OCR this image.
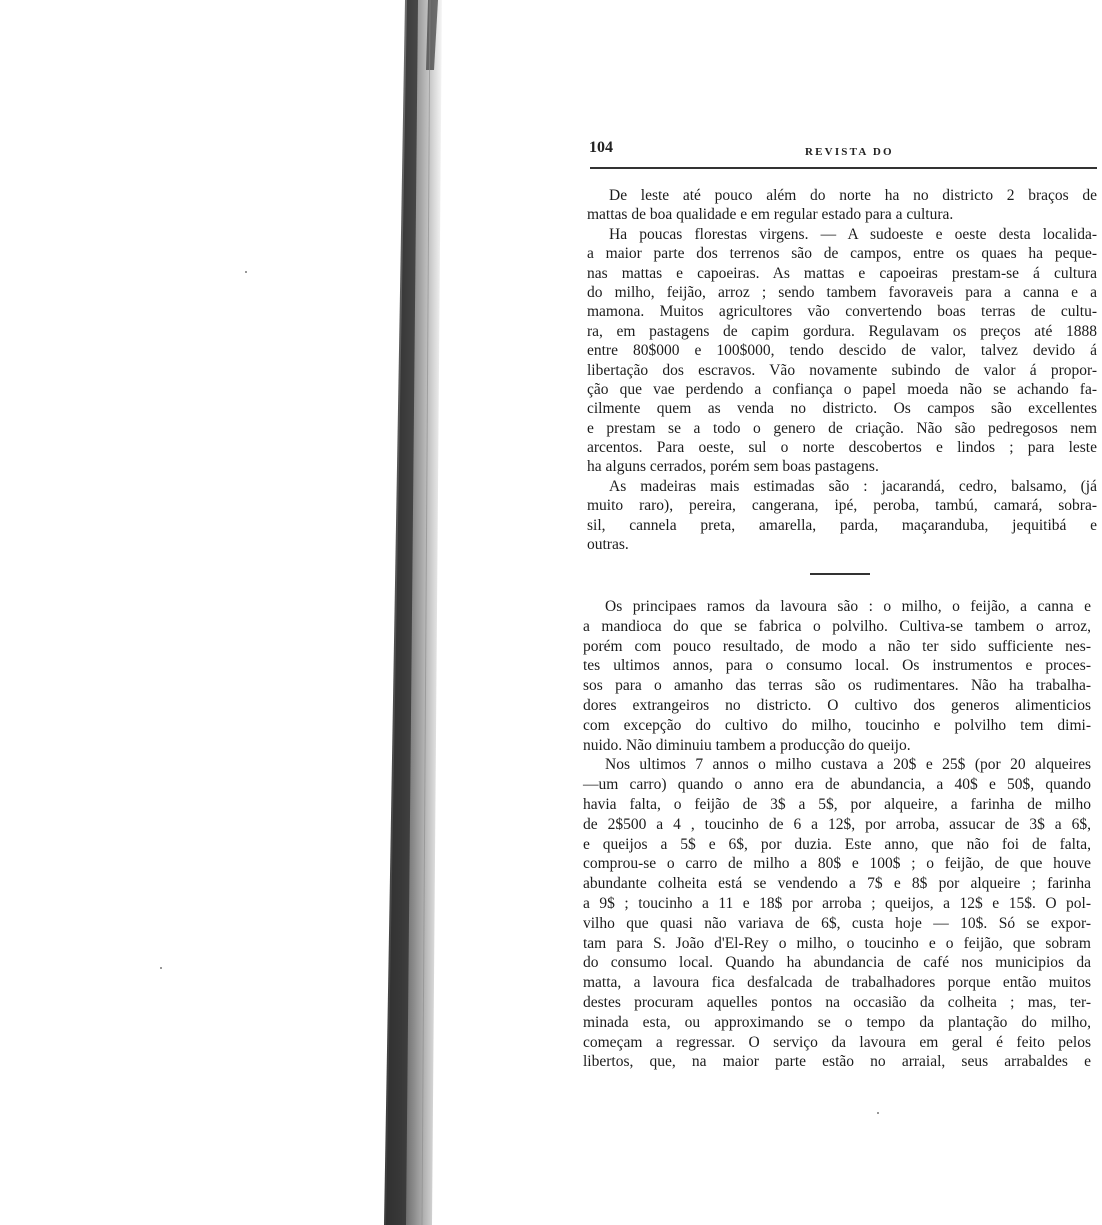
104	REVISTA DO
De leste até pouco além do norte ha no districto 2 braços de
mattas de boa qualidade e em regular estado para a cultura.
Ha poucas florestas virgens. — A sudoeste e oeste desta localida-
a maior parte dos terrenos são de campos, entre os quaes ha peque-
nas mattas e capoeiras. As mattas e capoeiras prestam-se á cultura
do milho, feijão, arroz ; sendo tambem favoraveis para a canna e a
mamona. Muitos agricultores vão convertendo boas terras de cultu-
ra, em pastagens de capim gordura. Regulavam os preços até 1888
entre 80$000 e 100$000, tendo descido de valor, talvez devido á
libertação dos escravos. Vão novamente subindo de valor á propor-
ção que vae perdendo a confiança o papel moeda não se achando fa-
cilmente quem as venda no districto. Os campos são excellentes
e prestam se a todo o genero de criação. Não são pedregosos nem
arcentos. Para oeste, sul o norte descobertos e lindos ; para leste
ha alguns cerrados, porém sem boas pastagens.
As madeiras mais estimadas são : jacarandá, cedro, balsamo, (já
muito raro), pereira, cangerana, ipé, peroba, tambú, camará, sobra-
sil, cannela preta, amarella, parda, maçaranduba, jequitibá e
outras.
Os principaes ramos da lavoura são : o milho, o feijão, a canna e
a mandioca do que se fabrica o polvilho. Cultiva-se tambem o arroz,
porém com pouco resultado, de modo a não ter sido sufficiente nes-
tes ultimos annos, para o consumo local. Os instrumentos e proces-
sos para o amanho das terras são os rudimentares. Não ha trabalha-
dores extrangeiros no districto. O cultivo dos generos alimenticios
com excepção do cultivo do milho, toucinho e polvilho tem dimi-
nuido. Não diminuiu tambem a producção do queijo.
Nos ultimos 7 annos o milho custava a 20$ e 25$ (por 20 alqueires
—um carro) quando o anno era de abundancia, a 40$ e 50$, quando
havia falta, o feijão de 3$ a 5$, por alqueire, a farinha de milho
de 2$500 a 4 , toucinho de 6 a 12$, por arroba, assucar de 3$ a 6$,
e queijos a 5$ e 6$, por duzia. Este anno, que não foi de falta,
comprou-se o carro de milho a 80$ e 100$ ; o feijão, de que houve
abundante colheita está se vendendo a 7$ e 8$ por alqueire ; farinha
a 9$ ; toucinho a 11 e 18$ por arroba ; queijos, a 12$ e 15$. O pol-
vilho que quasi não variava de 6$, custa hoje — 10$. Só se expor-
tam para S. João d'El-Rey o milho, o toucinho e o feijão, que sobram
do consumo local. Quando ha abundancia de café nos municipios da
matta, a lavoura fica desfalcada de trabalhadores porque então muitos
destes procuram aquelles pontos na occasião da colheita ; mas, ter-
minada esta, ou approximando se o tempo da plantação do milho,
começam a regressar. O serviço da lavoura em geral é feito pelos
libertos, que, na maior parte estão no arraial, seus arrabaldes e
